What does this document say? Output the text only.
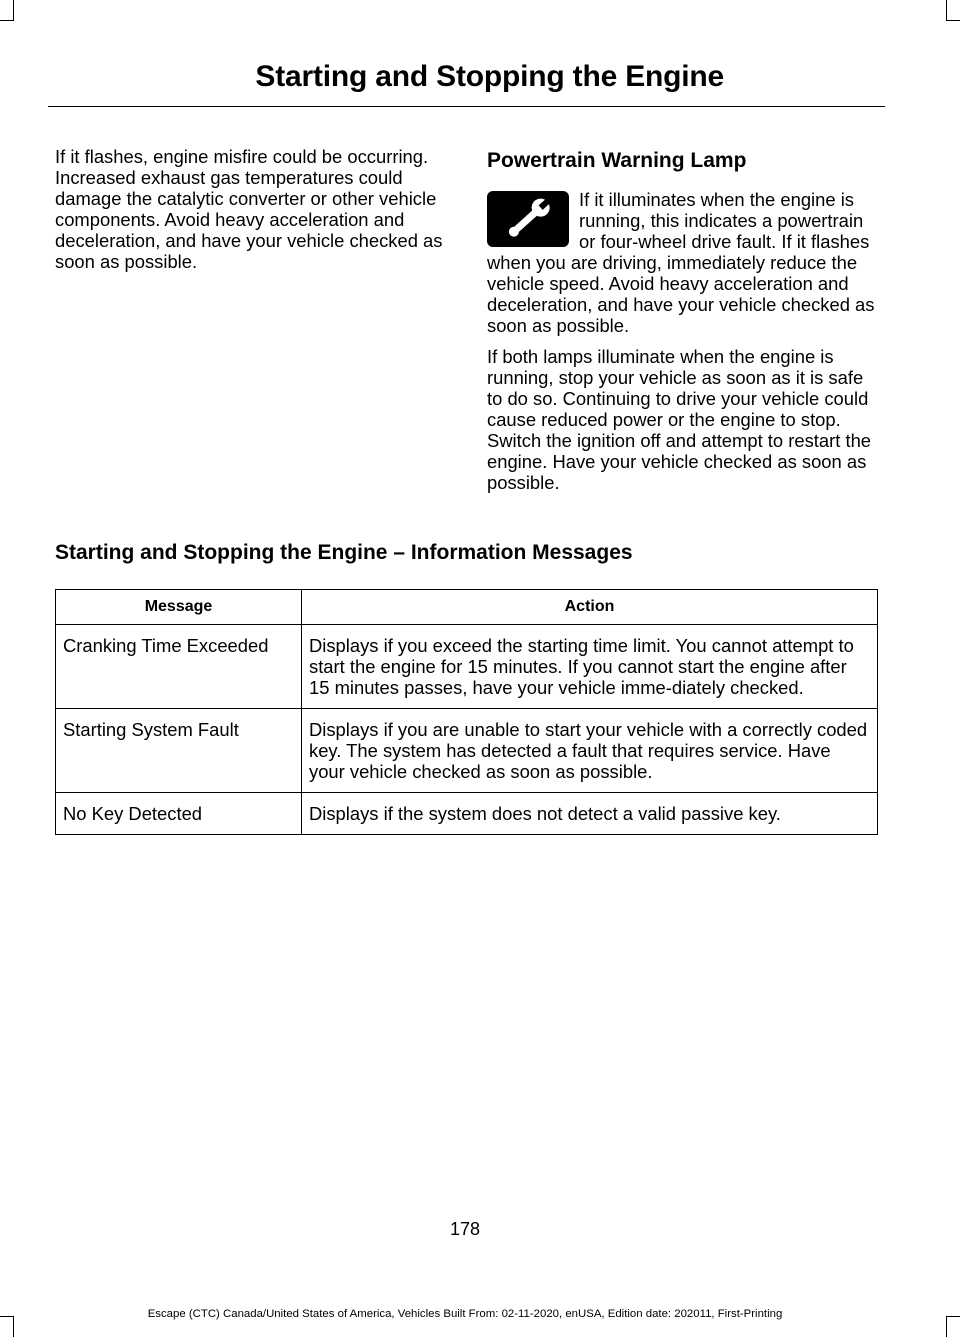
Starting and Stopping the Engine

If it flashes, engine misfire could be occurring. Increased exhaust gas temperatures could damage the catalytic converter or other vehicle components. Avoid heavy acceleration and deceleration, and have your vehicle checked as soon as possible.

Powertrain Warning Lamp

If it illuminates when the engine is running, this indicates a powertrain or four-wheel drive fault. If it flashes when you are driving, immediately reduce the vehicle speed. Avoid heavy acceleration and deceleration, and have your vehicle checked as soon as possible.

If both lamps illuminate when the engine is running, stop your vehicle as soon as it is safe to do so. Continuing to drive your vehicle could cause reduced power or the engine to stop. Switch the ignition off and attempt to restart the engine. Have your vehicle checked as soon as possible.

Starting and Stopping the Engine – Information Messages
Message	Action
Cranking Time Exceeded	Displays if you exceed the starting time limit. You cannot attempt to start the engine for 15 minutes. If you cannot start the engine after 15 minutes passes, have your vehicle imme-diately checked.
Starting System Fault	Displays if you are unable to start your vehicle with a correctly coded key. The system has detected a fault that requires service. Have your vehicle checked as soon as possible.
No Key Detected	Displays if the system does not detect a valid passive key.
178
Escape (CTC) Canada/United States of America, Vehicles Built From: 02-11-2020, enUSA, Edition date: 202011, First-Printing
